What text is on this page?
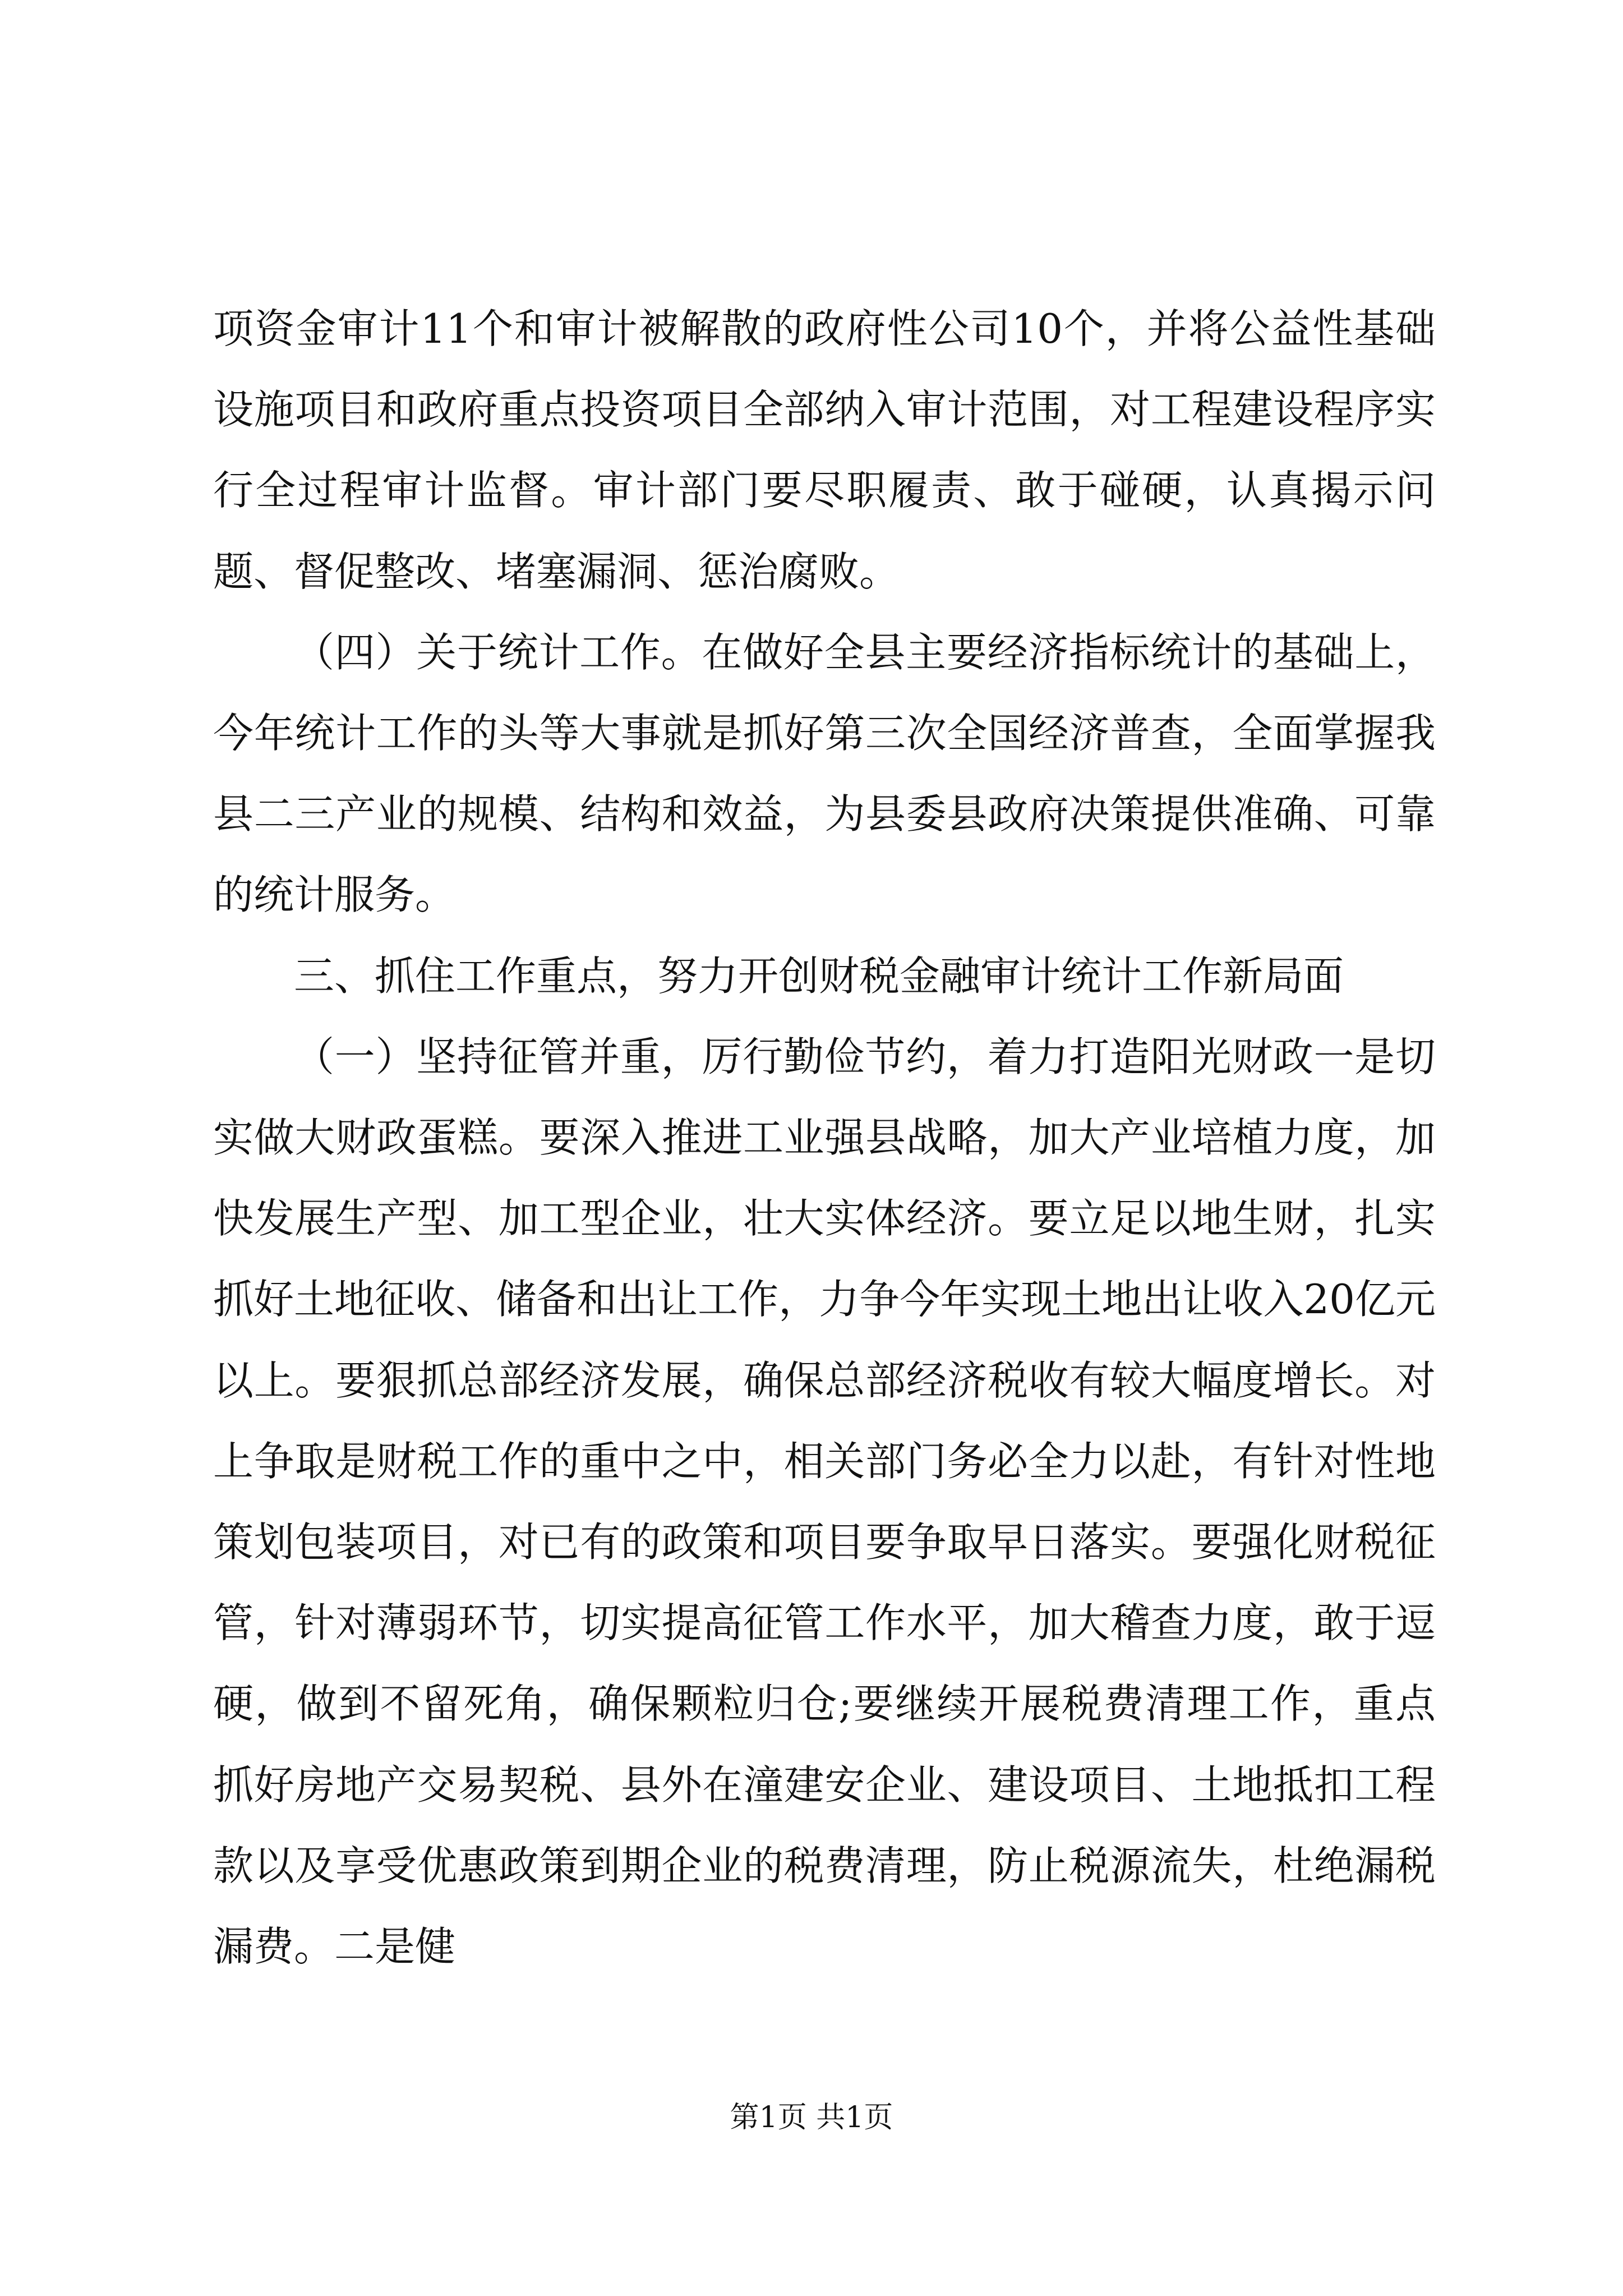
项资金审计11个和审计被解散的政府性公司10个，并将公益性基础设施项目和政府重点投资项目全部纳入审计范围，对工程建设程序实行全过程审计监督。审计部门要尽职履责、敢于碰硬，认真揭示问题、督促整改、堵塞漏洞、惩治腐败。

（四）关于统计工作。在做好全县主要经济指标统计的基础上，今年统计工作的头等大事就是抓好第三次全国经济普查，全面掌握我县二三产业的规模、结构和效益，为县委县政府决策提供准确、可靠的统计服务。

三、抓住工作重点，努力开创财税金融审计统计工作新局面

（一）坚持征管并重，厉行勤俭节约，着力打造阳光财政一是切实做大财政蛋糕。要深入推进工业强县战略，加大产业培植力度，加快发展生产型、加工型企业，壮大实体经济。要立足以地生财，扎实抓好土地征收、储备和出让工作，力争今年实现土地出让收入20亿元以上。要狠抓总部经济发展，确保总部经济税收有较大幅度增长。对上争取是财税工作的重中之中，相关部门务必全力以赴，有针对性地策划包装项目，对已有的政策和项目要争取早日落实。要强化财税征管，针对薄弱环节，切实提高征管工作水平，加大稽查力度，敢于逗硬，做到不留死角，确保颗粒归仓;要继续开展税费清理工作，重点抓好房地产交易契税、县外在潼建安企业、建设项目、土地抵扣工程款以及享受优惠政策到期企业的税费清理，防止税源流失，杜绝漏税漏费。二是健

第1页 共1页
